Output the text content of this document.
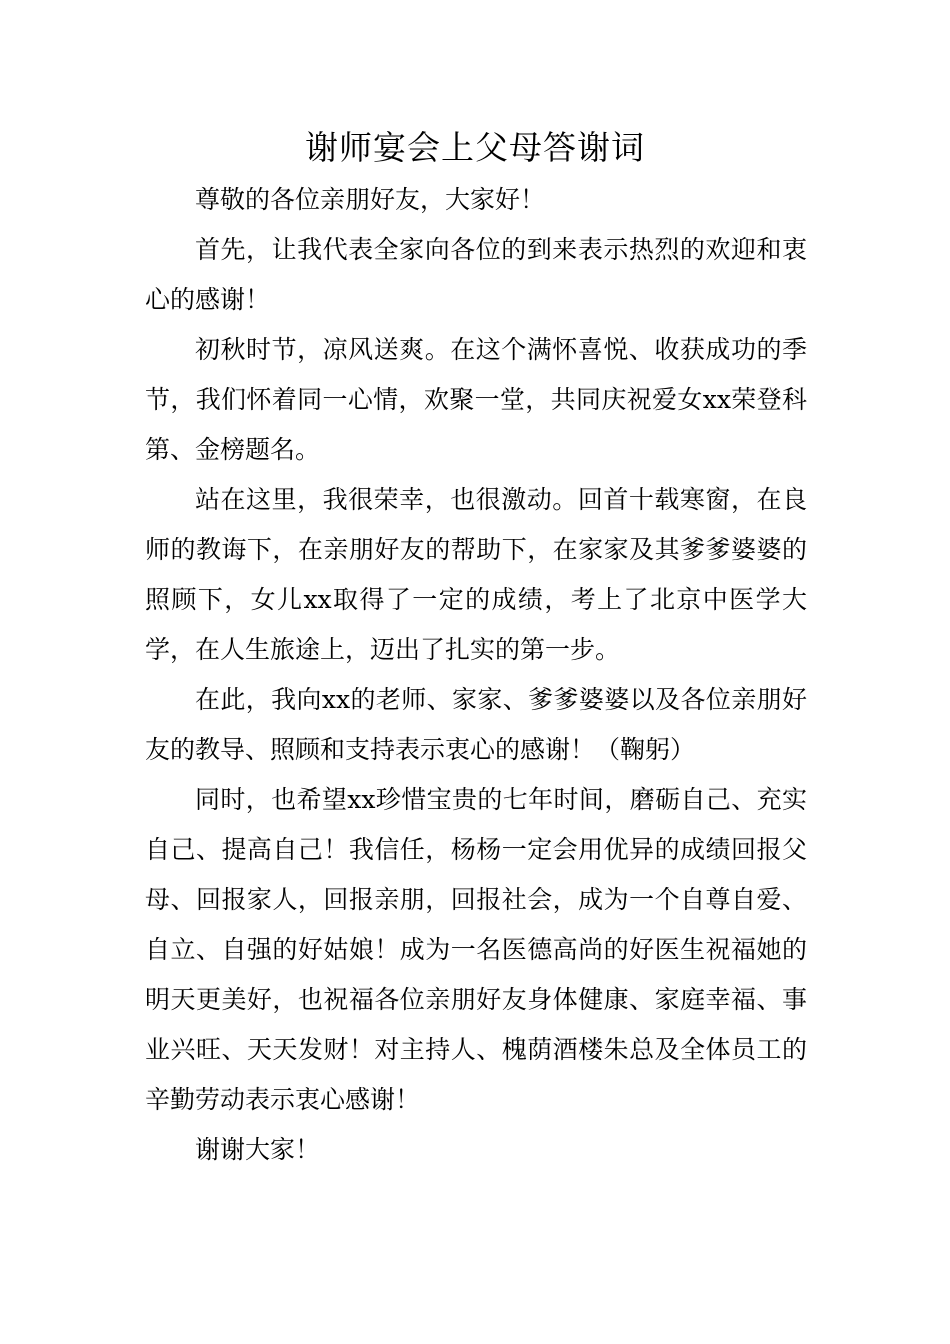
谢师宴会上父母答谢词

尊敬的各位亲朋好友，大家好！

首先，让我代表全家向各位的到来表示热烈的欢迎和衷心的感谢！

初秋时节，凉风送爽。在这个满怀喜悦、收获成功的季节，我们怀着同一心情，欢聚一堂，共同庆祝爱女xx荣登科第、金榜题名。

站在这里，我很荣幸，也很激动。回首十载寒窗，在良师的教诲下，在亲朋好友的帮助下，在家家及其爹爹婆婆的照顾下，女儿xx取得了一定的成绩，考上了北京中医学大学，在人生旅途上，迈出了扎实的第一步。

在此，我向xx的老师、家家、爹爹婆婆以及各位亲朋好友的教导、照顾和支持表示衷心的感谢！（鞠躬）

同时，也希望xx珍惜宝贵的七年时间，磨砺自己、充实自己、提高自己！我信任，杨杨一定会用优异的成绩回报父母、回报家人，回报亲朋，回报社会，成为一个自尊自爱、自立、自强的好姑娘！成为一名医德高尚的好医生祝福她的明天更美好，也祝福各位亲朋好友身体健康、家庭幸福、事业兴旺、天天发财！对主持人、槐荫酒楼朱总及全体员工的辛勤劳动表示衷心感谢！

谢谢大家！
